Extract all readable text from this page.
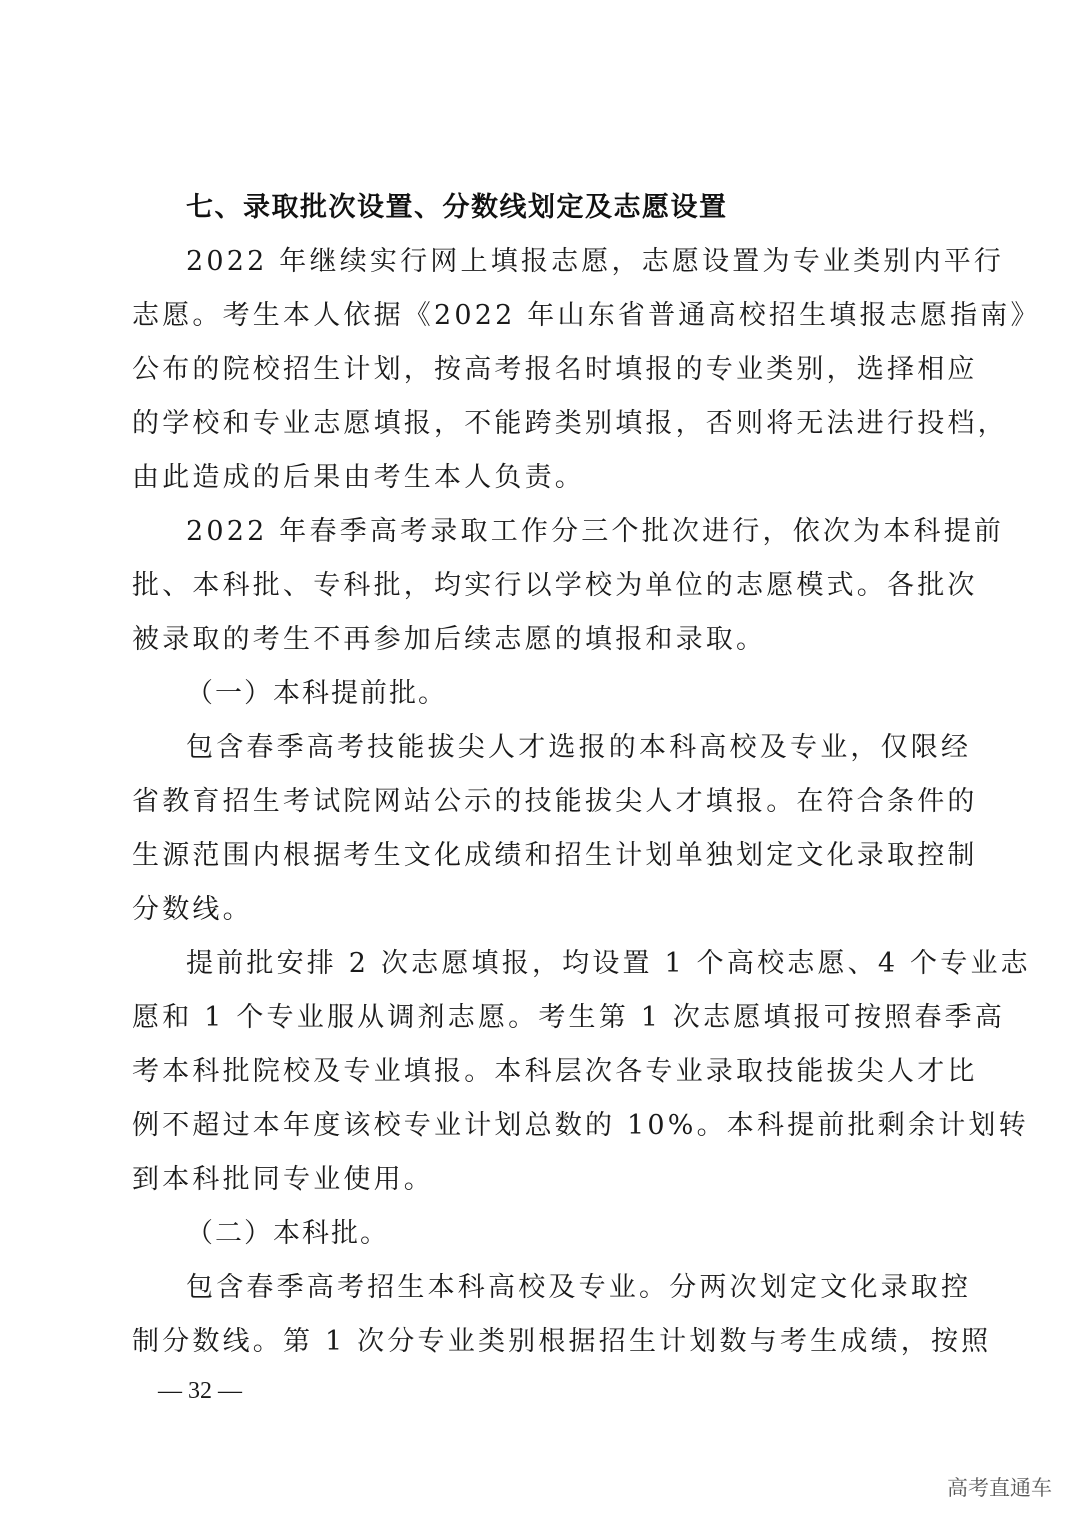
七、录取批次设置、分数线划定及志愿设置
2022 年继续实行网上填报志愿，志愿设置为专业类别内平行
志愿。考生本人依据《2022 年山东省普通高校招生填报志愿指南》
公布的院校招生计划，按高考报名时填报的专业类别，选择相应
的学校和专业志愿填报，不能跨类别填报，否则将无法进行投档，
由此造成的后果由考生本人负责。
2022 年春季高考录取工作分三个批次进行，依次为本科提前
批、本科批、专科批，均实行以学校为单位的志愿模式。各批次
被录取的考生不再参加后续志愿的填报和录取。
（一）本科提前批。
包含春季高考技能拔尖人才选报的本科高校及专业，仅限经
省教育招生考试院网站公示的技能拔尖人才填报。在符合条件的
生源范围内根据考生文化成绩和招生计划单独划定文化录取控制
分数线。
提前批安排 2 次志愿填报，均设置 1 个高校志愿、4 个专业志
愿和 1 个专业服从调剂志愿。考生第 1 次志愿填报可按照春季高
考本科批院校及专业填报。本科层次各专业录取技能拔尖人才比
例不超过本年度该校专业计划总数的 10%。本科提前批剩余计划转
到本科批同专业使用。
（二）本科批。
包含春季高考招生本科高校及专业。分两次划定文化录取控
制分数线。第 1 次分专业类别根据招生计划数与考生成绩，按照
— 32 —
高考直通车
